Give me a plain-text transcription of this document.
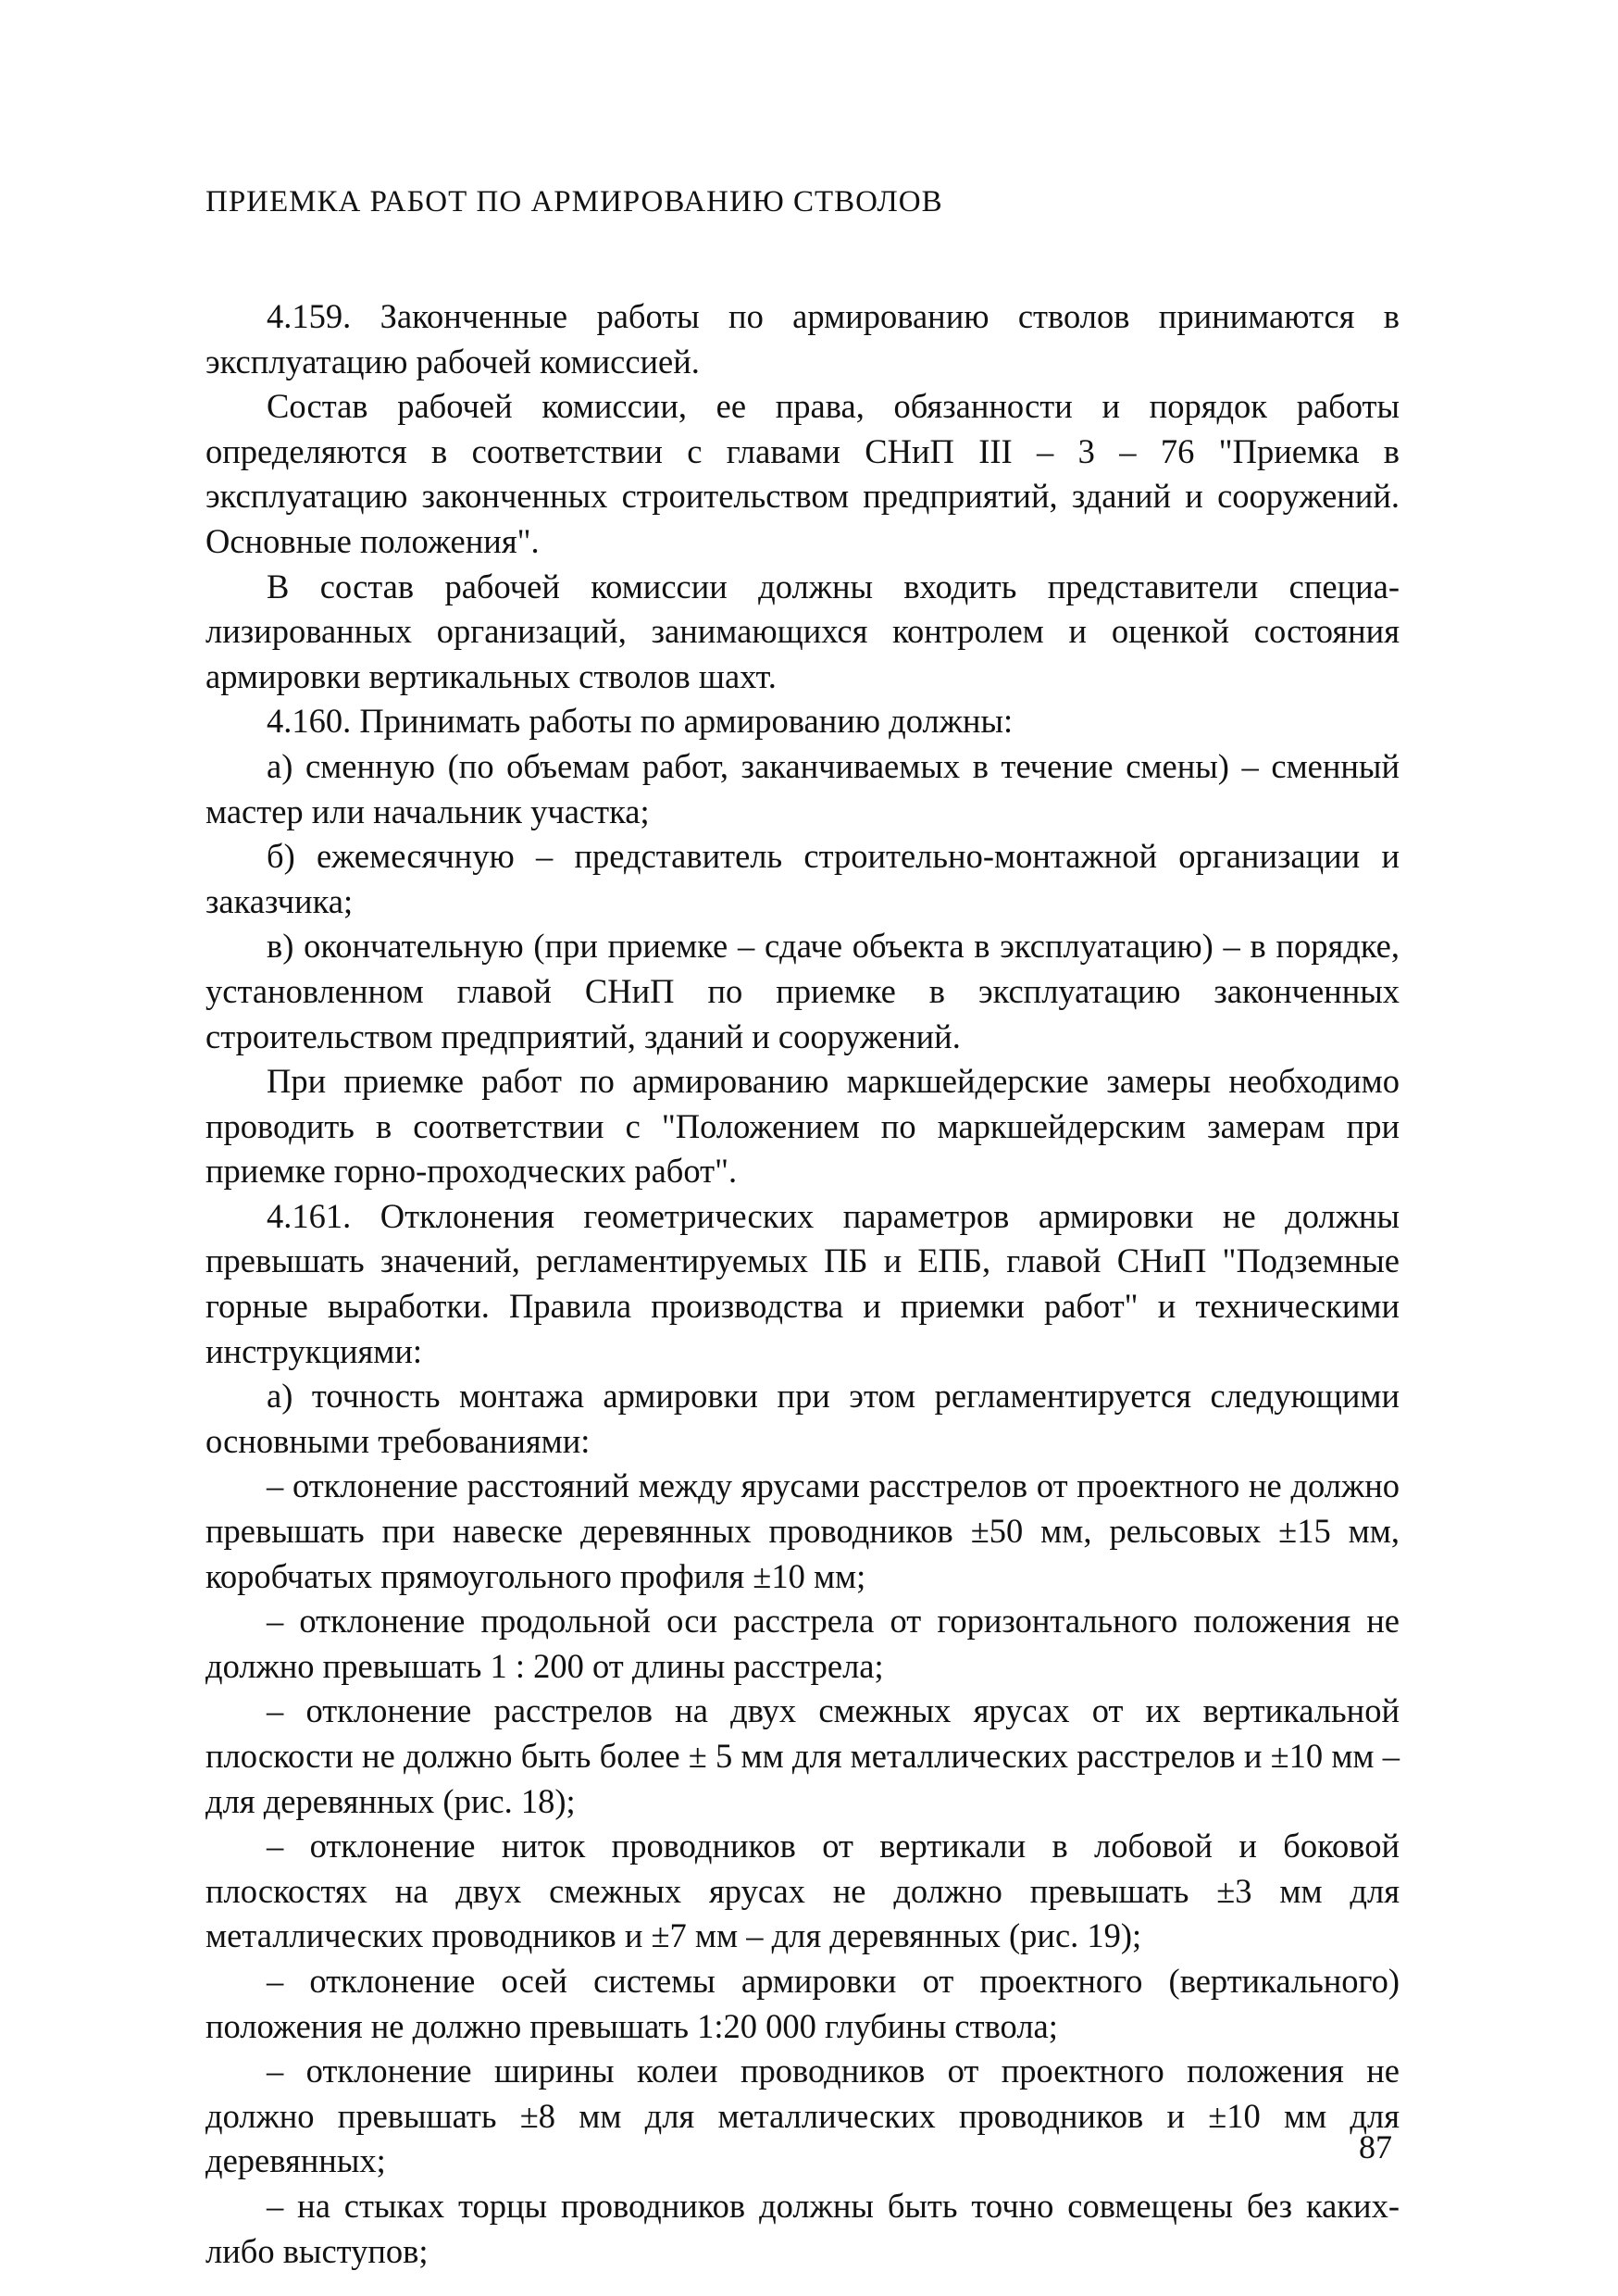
ПРИЕМКА РАБОТ ПО АРМИРОВАНИЮ СТВОЛОВ

4.159. Законченные работы по армированию стволов принимаются в эксплуатацию рабочей комиссией.

Состав рабочей комиссии, ее права, обязанности и порядок работы определяются в соответствии с главами СНиП III – 3 – 76 "Приемка в эксплуатацию законченных строительством предприятий, зданий и сооружений. Основные положения".

В состав рабочей комиссии должны входить представители специализированных организаций, занимающихся контролем и оценкой состояния армировки вертикальных стволов шахт.

4.160. Принимать работы по армированию должны:

а) сменную (по объемам работ, заканчиваемых в течение смены) – сменный мастер или начальник участка;

б) ежемесячную – представитель строительно-монтажной организации и заказчика;

в) окончательную (при приемке – сдаче объекта в эксплуатацию) – в порядке, установленном главой СНиП по приемке в эксплуатацию законченных строительством предприятий, зданий и сооружений.

При приемке работ по армированию маркшейдерские замеры необходимо проводить в соответствии с "Положением по маркшейдерским замерам при приемке горно-проходческих работ".

4.161. Отклонения геометрических параметров армировки не должны превышать значений, регламентируемых ПБ и ЕПБ, главой СНиП "Подземные горные выработки. Правила производства и приемки работ" и техническими инструкциями:

а) точность монтажа армировки при этом регламентируется следующими основными требованиями:

– отклонение расстояний между ярусами расстрелов от проектного не должно превышать при навеске деревянных проводников ±50 мм, рельсовых ±15 мм, коробчатых прямоугольного профиля ±10 мм;

– отклонение продольной оси расстрела от горизонтального положения не должно превышать 1 : 200 от длины расстрела;

– отклонение расстрелов на двух смежных ярусах от их вертикальной плоскости не должно быть более ± 5 мм для металлических расстрелов и ±10 мм – для деревянных (рис. 18);

– отклонение ниток проводников от вертикали в лобовой и боковой плоскостях на двух смежных ярусах не должно превышать ±3 мм для металлических проводников и ±7 мм – для деревянных (рис. 19);

– отклонение осей системы армировки от проектного (вертикального) положения не должно превышать 1:20 000 глубины ствола;

– отклонение ширины колеи проводников от проектного положения не должно превышать ±8 мм для металлических проводников и ±10 мм для деревянных;

– на стыках торцы проводников должны быть точно совмещены без каких-либо выступов;

87
